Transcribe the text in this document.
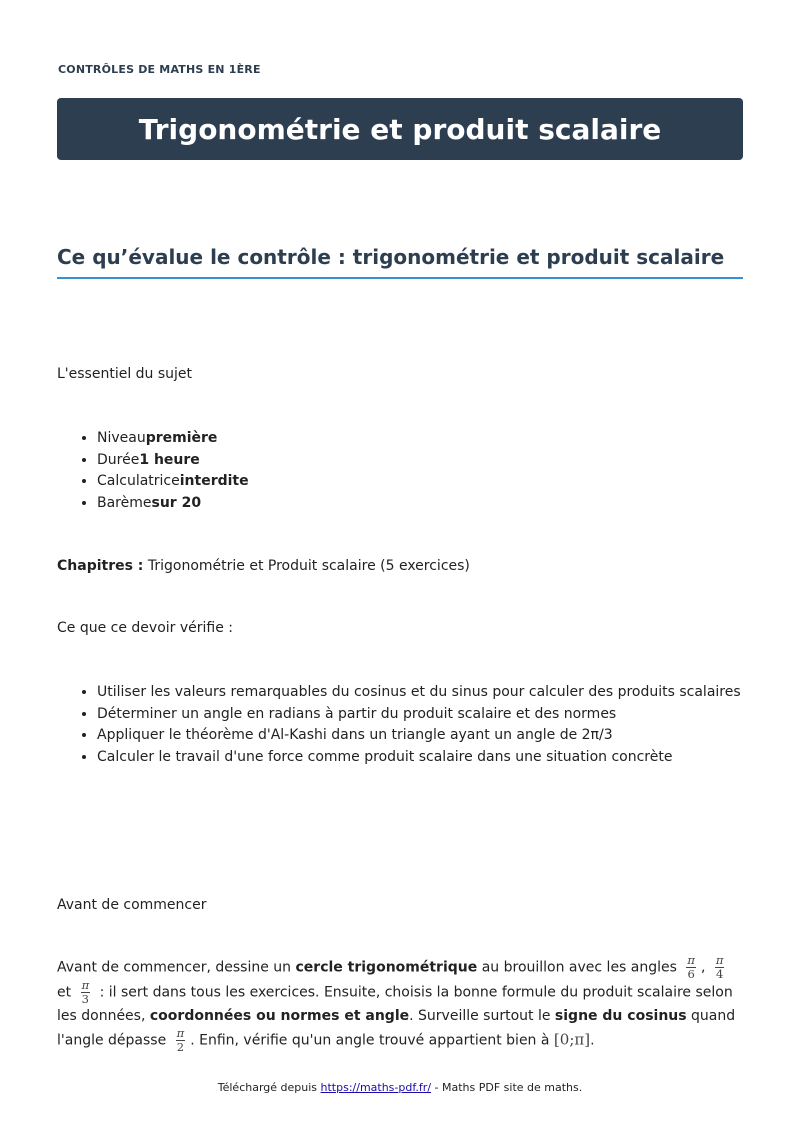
CONTRÔLES DE MATHS EN 1ÈRE
Trigonométrie et produit scalaire
Ce qu’évalue le contrôle : trigonométrie et produit scalaire

L'essentiel du sujet

• Niveaupremière
• Durée1 heure
• Calculatriceinterdite
• Barèmesur 20

Chapitres : Trigonométrie et Produit scalaire (5 exercices)

Ce que ce devoir vérifie :

• Utiliser les valeurs remarquables du cosinus et du sinus pour calculer des produits scalaires
• Déterminer un angle en radians à partir du produit scalaire et des normes
• Appliquer le théorème d'Al-Kashi dans un triangle ayant un angle de 2π/3
• Calculer le travail d'une force comme produit scalaire dans une situation concrète

Avant de commencer

Avant de commencer, dessine un cercle trigonométrique au brouillon avec les angles $\frac{\pi}{6}$ , $\frac{\pi}{4}$
et $\frac{\pi}{3}$ : il sert dans tous les exercices. Ensuite, choisis la bonne formule du produit scalaire selon les données, coordonnées ou normes et angle. Surveille surtout le signe du cosinus quand l'angle dépasse $\frac{\pi}{2}$ . Enfin, vérifie qu'un angle trouvé appartient bien à [0;π].

Téléchargé depuis https://maths-pdf.fr/ - Maths PDF site de maths.
